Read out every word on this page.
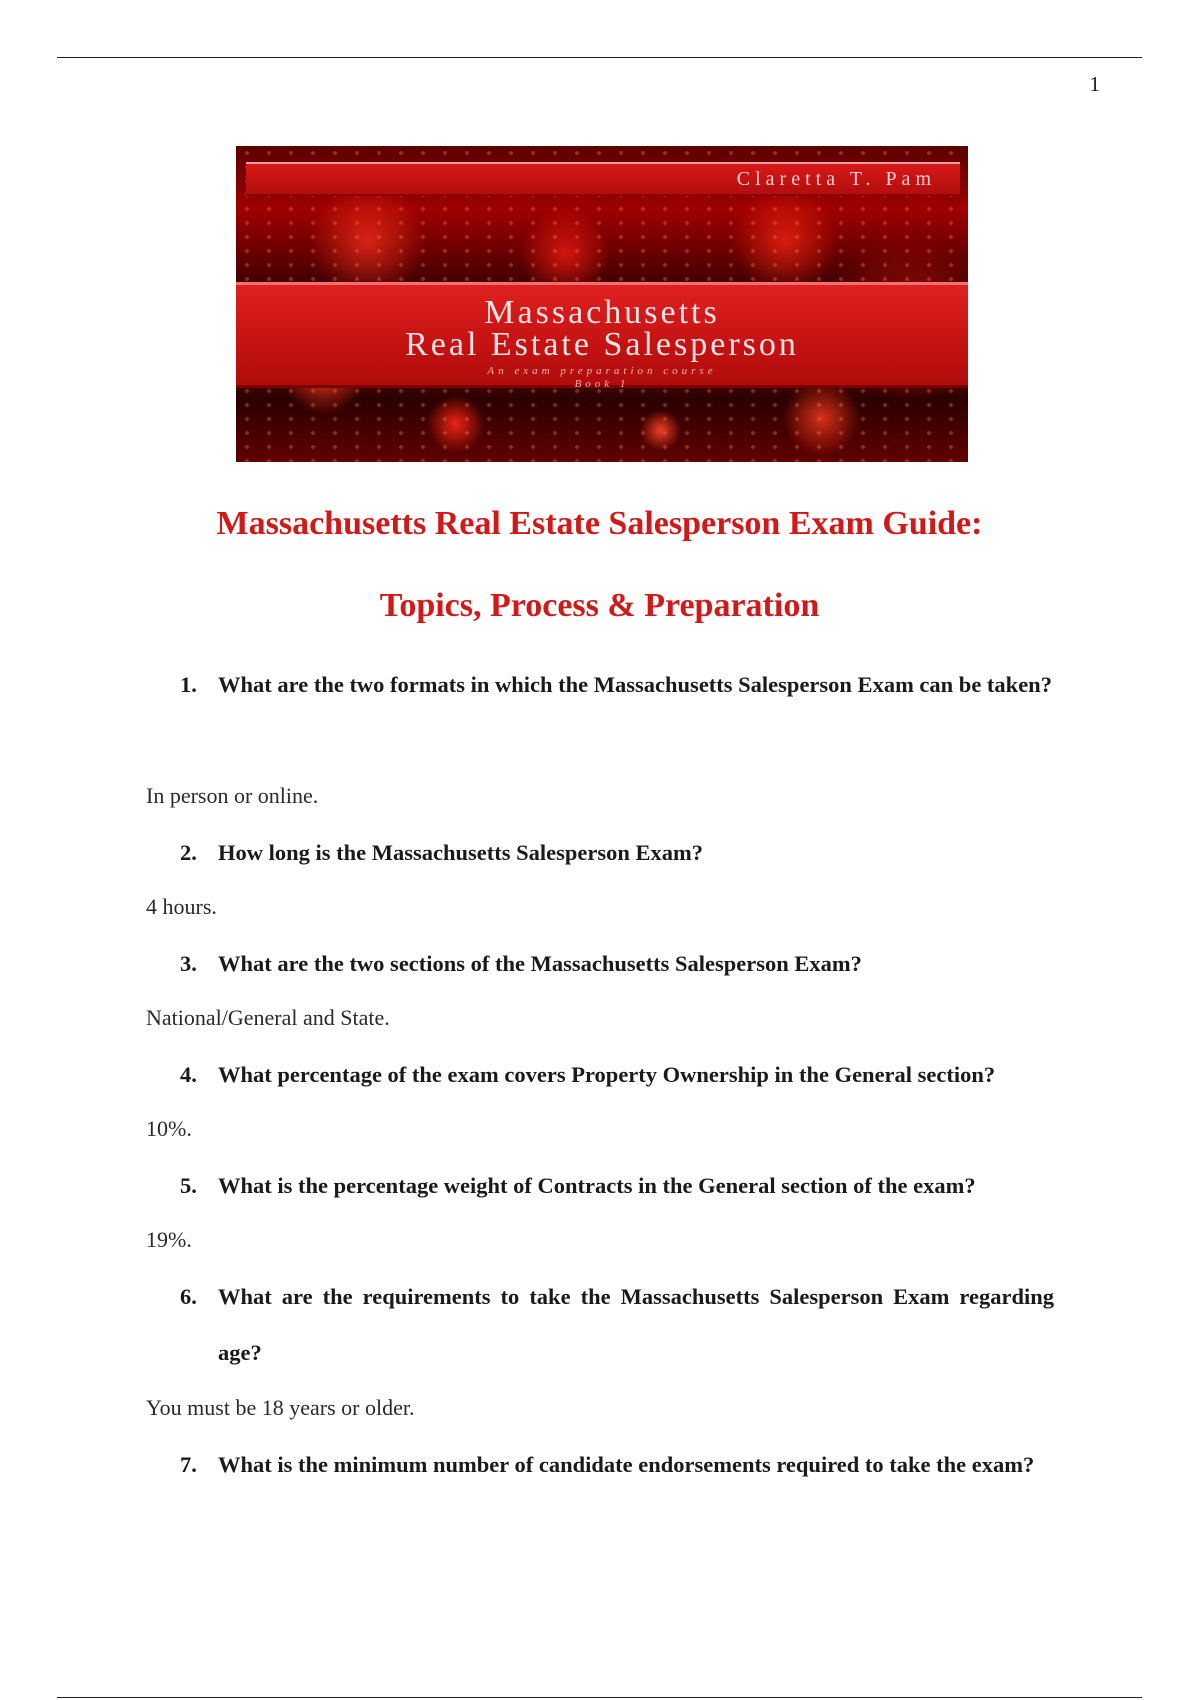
1
Claretta T. Pam
Massachusetts
Real Estate Salesperson
An exam preparation course
Book 1
Massachusetts Real Estate Salesperson Exam Guide:
Topics, Process & Preparation
1. What are the two formats in which the Massachusetts Salesperson Exam can be taken?
In person or online.
2. How long is the Massachusetts Salesperson Exam?
4 hours.
3. What are the two sections of the Massachusetts Salesperson Exam?
National/General and State.
4. What percentage of the exam covers Property Ownership in the General section?
10%.
5. What is the percentage weight of Contracts in the General section of the exam?
19%.
6. What are the requirements to take the Massachusetts Salesperson Exam regarding age?
You must be 18 years or older.
7. What is the minimum number of candidate endorsements required to take the exam?
